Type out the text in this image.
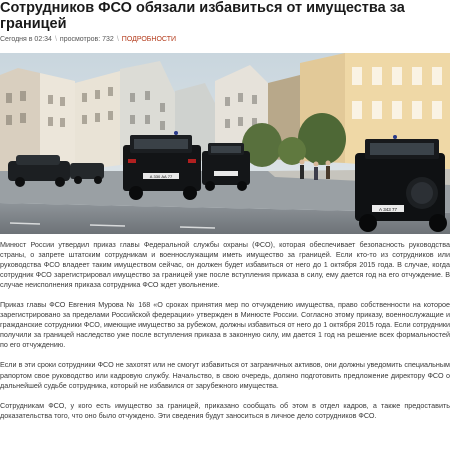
Сотрудников ФСО обязали избавиться от имущества за границей
Сегодня в 02:34 \ просмотров: 732 \ ПОДРОБНОСТИ
А 330 АА 77
А 343 77

Минюст России утвердил приказ главы Федеральной службы охраны (ФСО), которая обеспечивает безопасность руководства страны, о запрете штатским сотрудникам и военнослужащим иметь имущество за границей. Если кто-то из сотрудников или руководства ФСО владеет таким имуществом сейчас, он должен будет избавиться от него до 1 октября 2015 года. В случае, когда сотрудник ФСО зарегистрировал имущество за границей уже после вступления приказа в силу, ему дается год на его отчуждение. В случае неисполнения приказа сотрудника ФСО ждет увольнение.

Приказ главы ФСО Евгения Мурова № 168 «О сроках принятия мер по отчуждению имущества, право собственности на которое зарегистрировано за пределами Российской федерации» утвержден в Минюсте России. Согласно этому приказу, военнослужащие и гражданские сотрудники ФСО, имеющие имущество за рубежом, должны избавиться от него до 1 октября 2015 года. Если сотрудники получили за границей наследство уже после вступления приказа в законную силу, им дается 1 год на решение всех формальностей по его отчуждению.

Если в эти сроки сотрудники ФСО не захотят или не смогут избавиться от заграничных активов, они должны уведомить специальным рапортом свое руководство или кадровую службу. Начальство, в свою очередь, должно подготовить предложение директору ФСО о дальнейшей судьбе сотрудника, который не избавился от зарубежного имущества.

Сотрудникам ФСО, у кого есть имущество за границей, приказано сообщать об этом в отдел кадров, а также предоставить доказательства того, что оно было отчуждено. Эти сведения будут заноситься в личное дело сотрудников ФСО.
